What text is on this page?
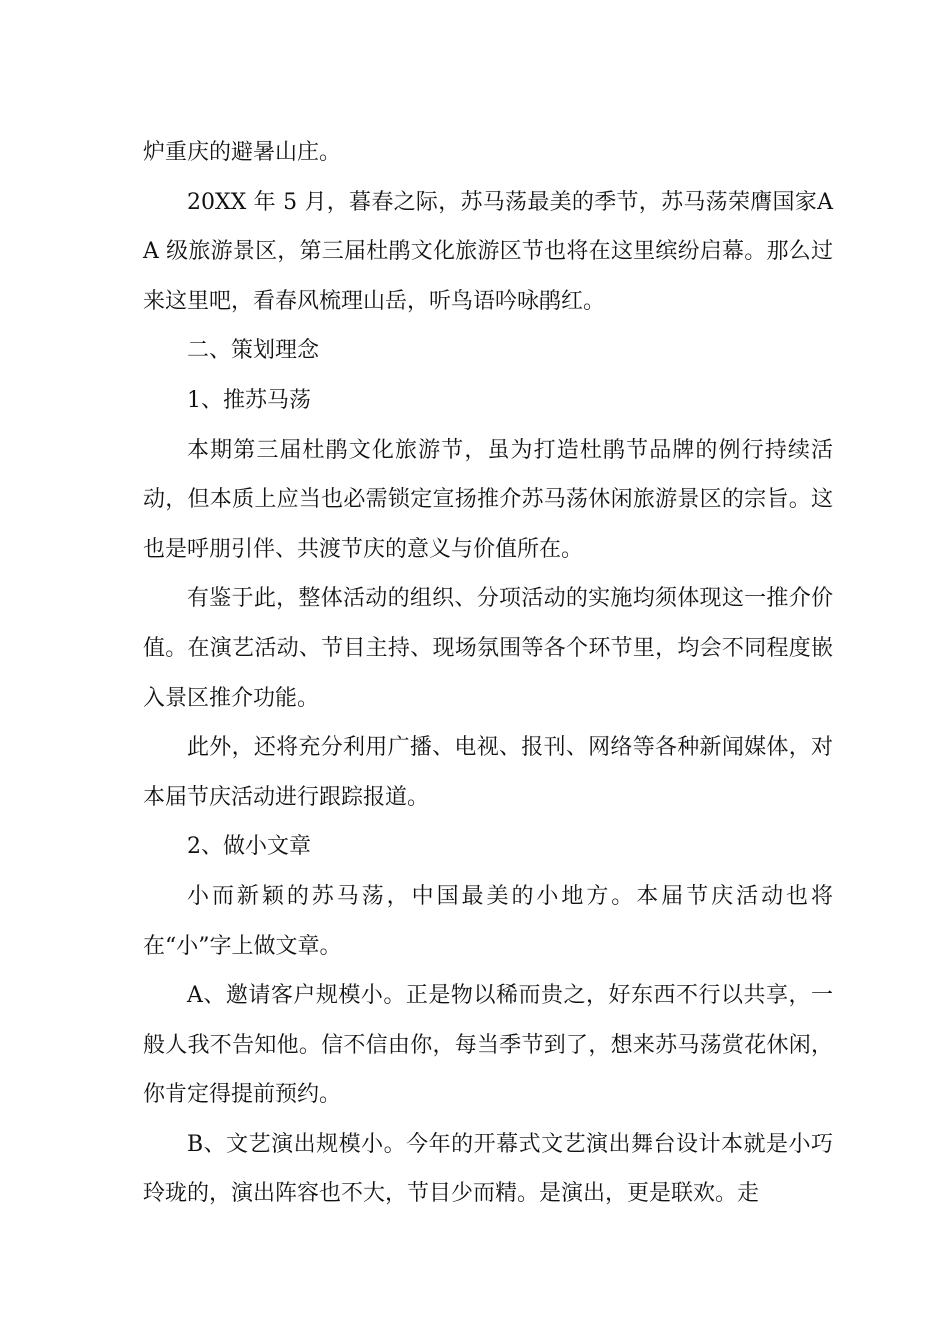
炉重庆的避暑山庄。

20XX 年 5 月，暮春之际，苏马荡最美的季节，苏马荡荣膺国家AA 级旅游景区，第三届杜鹃文化旅游区节也将在这里缤纷启幕。那么过来这里吧，看春风梳理山岳，听鸟语吟咏鹃红。

二、策划理念

1、推苏马荡

本期第三届杜鹃文化旅游节，虽为打造杜鹃节品牌的例行持续活动，但本质上应当也必需锁定宣扬推介苏马荡休闲旅游景区的宗旨。这也是呼朋引伴、共渡节庆的意义与价值所在。

有鉴于此，整体活动的组织、分项活动的实施均须体现这一推介价值。在演艺活动、节目主持、现场氛围等各个环节里，均会不同程度嵌入景区推介功能。

此外，还将充分利用广播、电视、报刊、网络等各种新闻媒体，对本届节庆活动进行跟踪报道。

2、做小文章

小而新颖的苏马荡，中国最美的小地方。本届节庆活动也将在“小”字上做文章。

A、邀请客户规模小。正是物以稀而贵之，好东西不行以共享，一般人我不告知他。信不信由你，每当季节到了，想来苏马荡赏花休闲，你肯定得提前预约。

B、文艺演出规模小。今年的开幕式文艺演出舞台设计本就是小巧玲珑的，演出阵容也不大，节目少而精。是演出，更是联欢。走
